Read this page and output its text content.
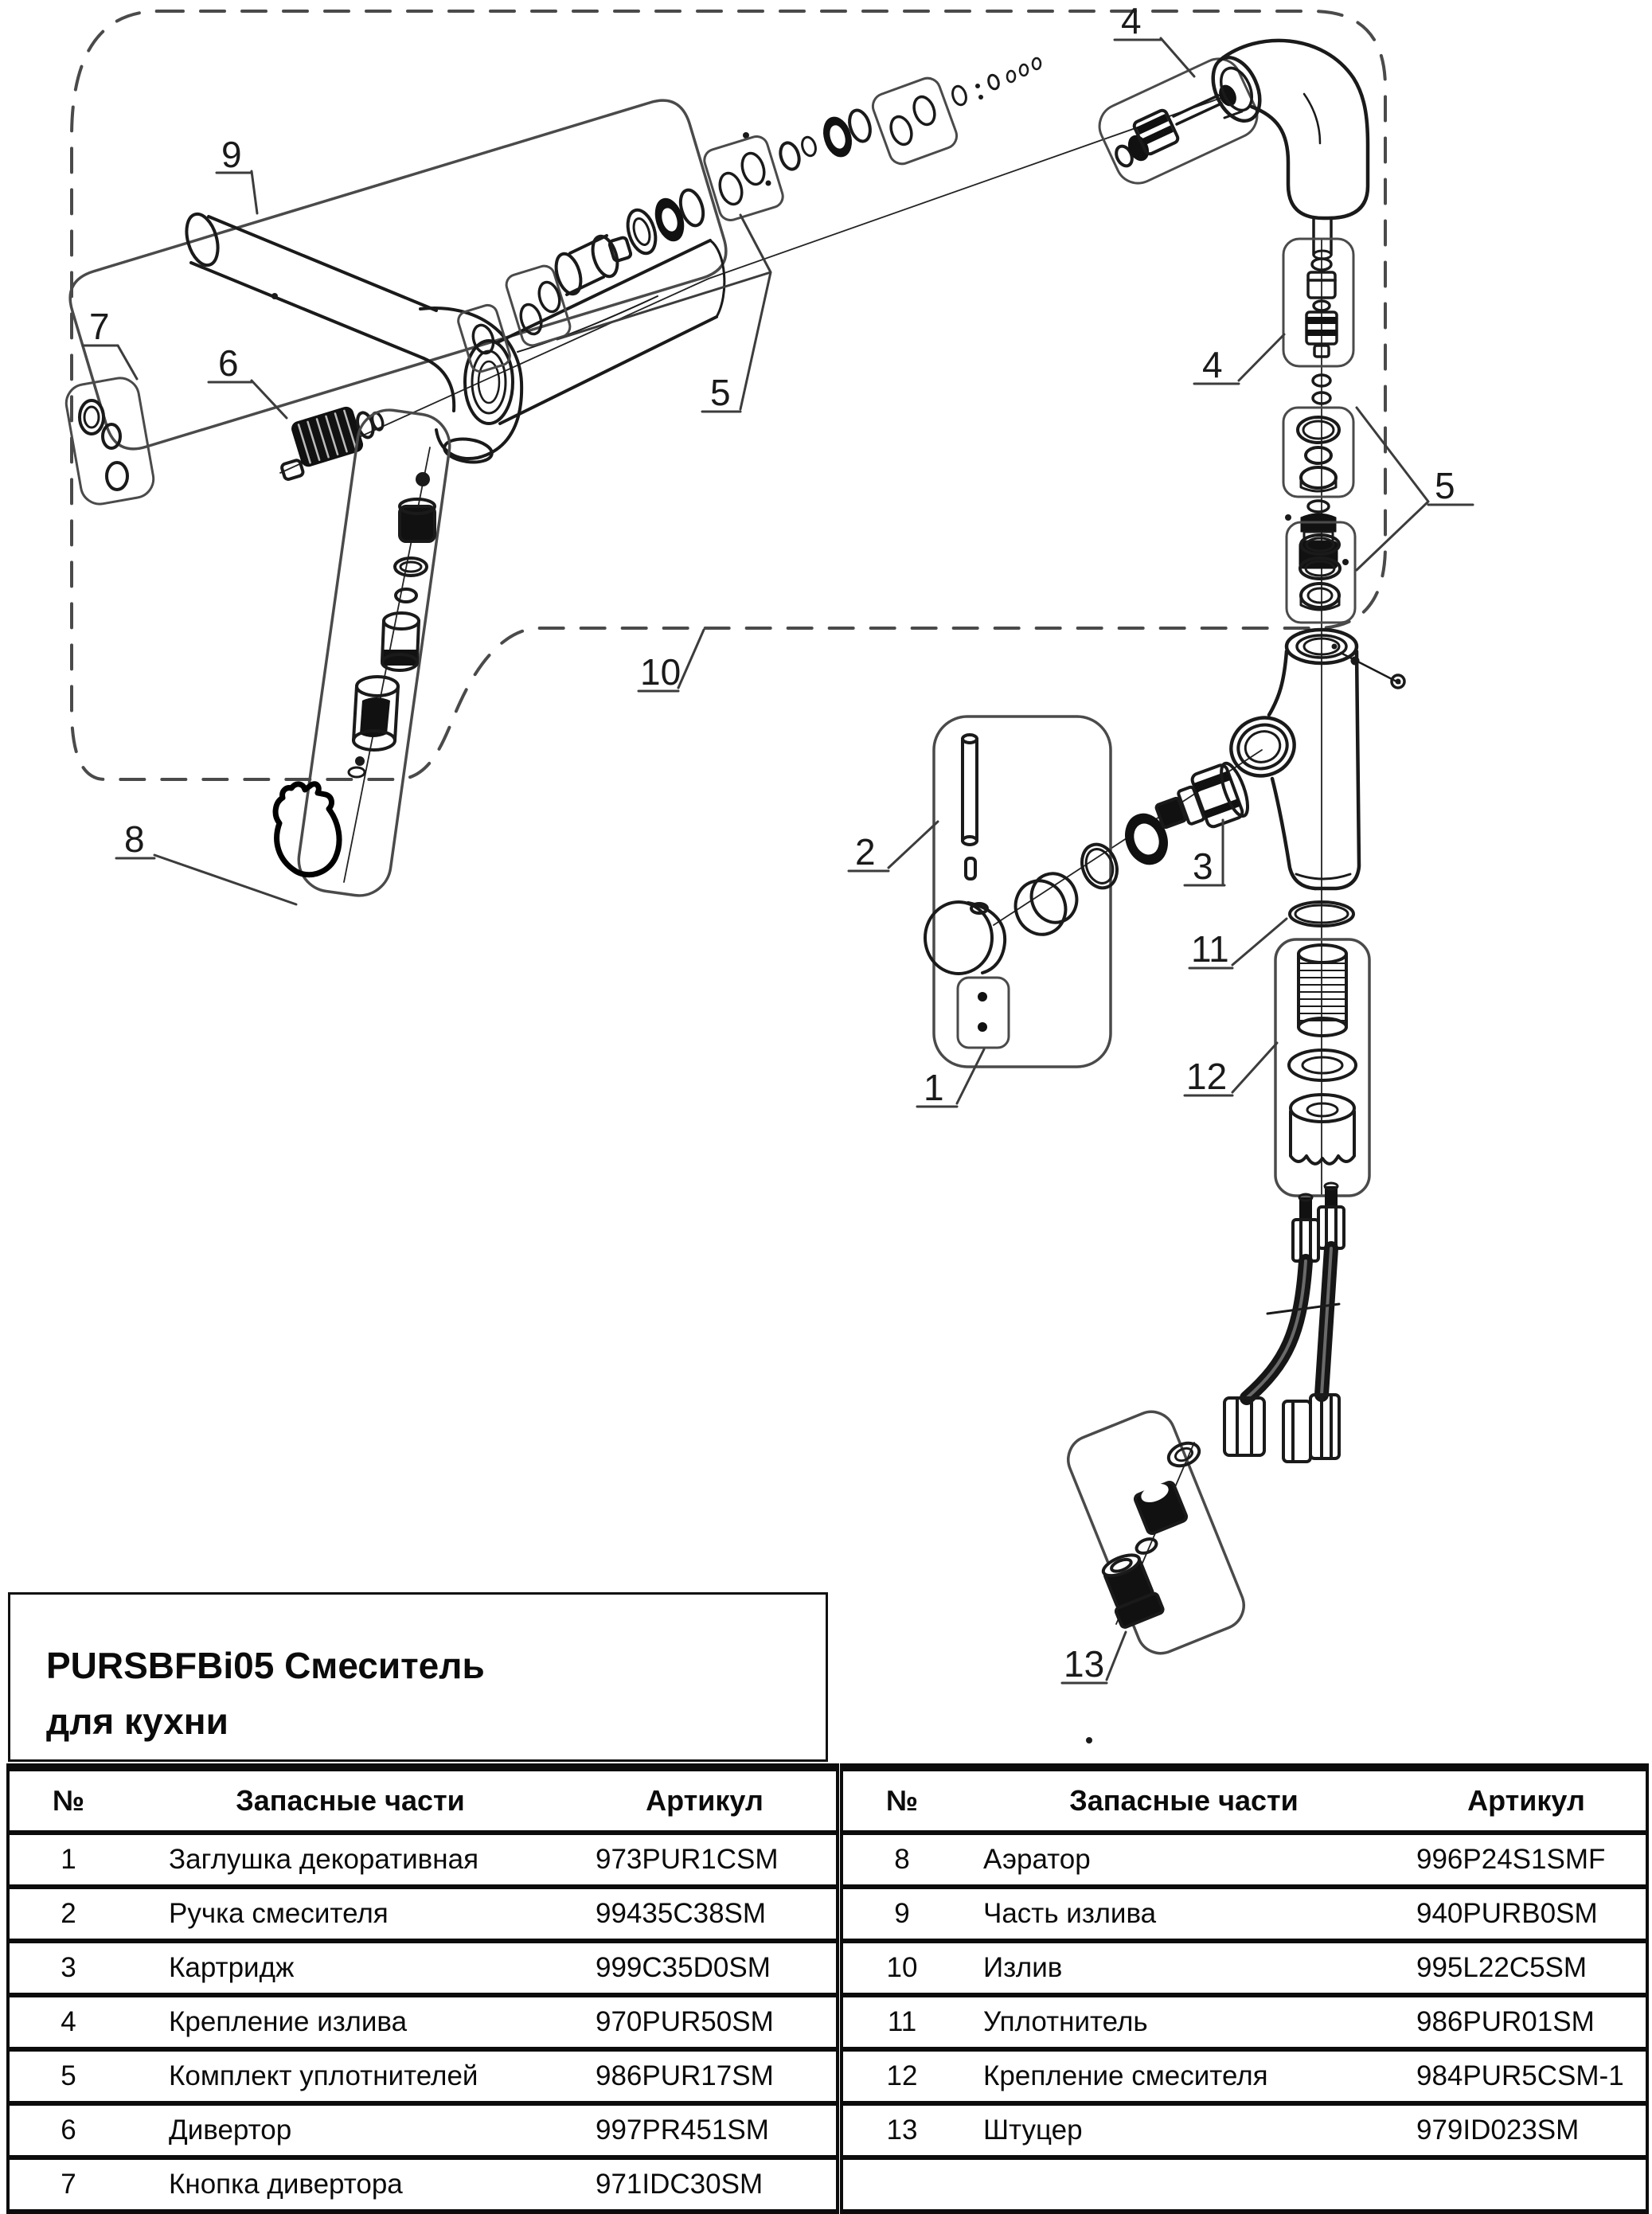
9
4
7
6
5
10
8
4
5
2
1
3
11
12
13
PURSBFBi05 Смеситель
для кухни
№	Запасные части	Артикул
1	Заглушка декоративная	973PUR1CSM
2	Ручка смесителя	99435C38SM
3	Картридж	999C35D0SM
4	Крепление излива	970PUR50SM
5	Комплект уплотнителей	986PUR17SM
6	Дивертор	997PR451SM
7	Кнопка дивертора	971IDC30SM
№	Запасные части	Артикул
8	Аэратор	996P24S1SMF
9	Часть излива	940PURB0SM
10	Излив	995L22C5SM
11	Уплотнитель	986PUR01SM
12	Крепление смесителя	984PUR5CSM-1
13	Штуцер	979ID023SM
